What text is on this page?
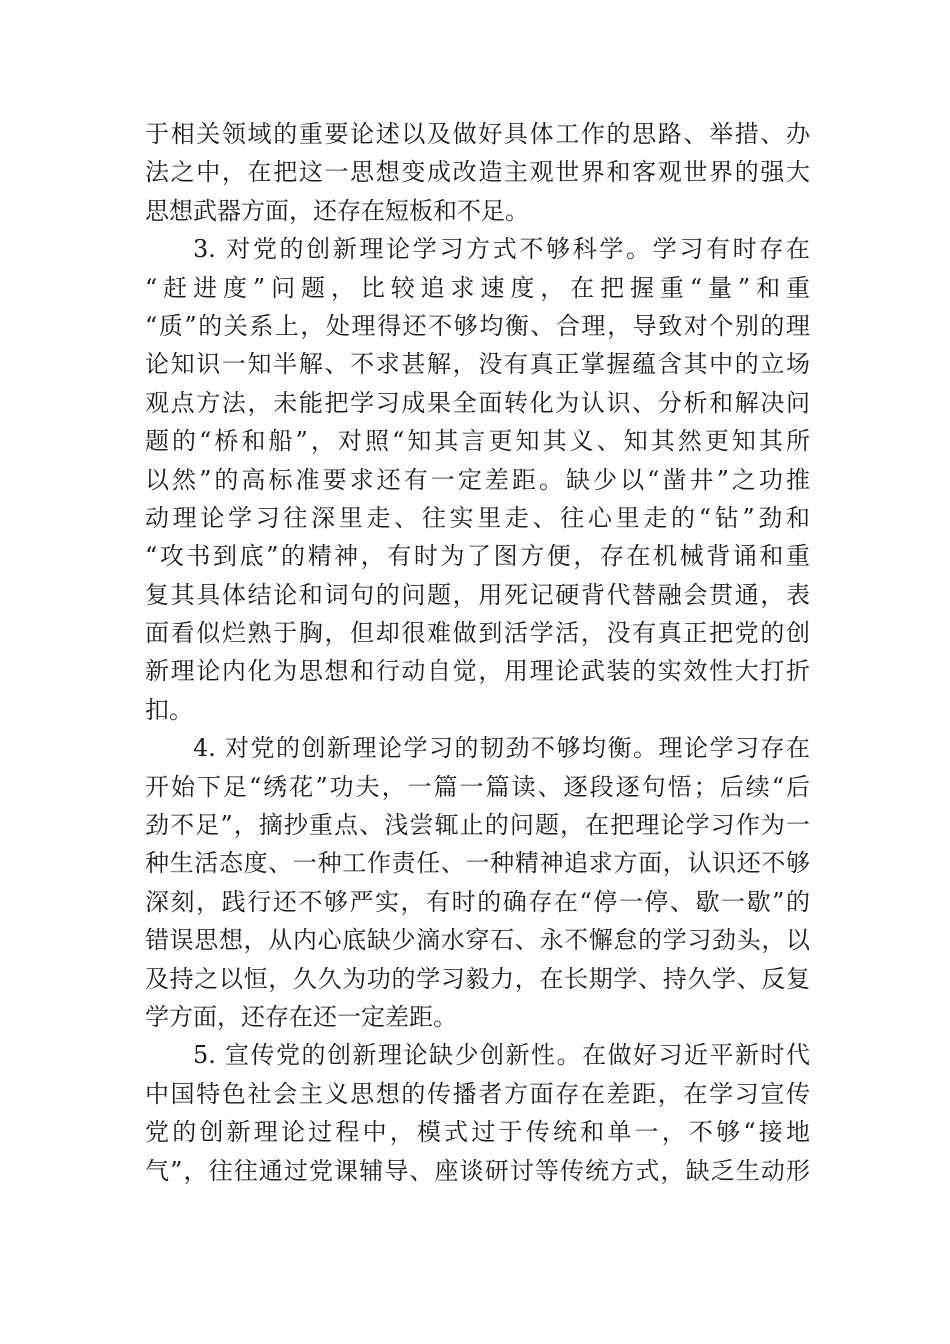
于相关领域的重要论述以及做好具体工作的思路、举措、办
法之中，在把这一思想变成改造主观世界和客观世界的强大
思想武器方面，还存在短板和不足。
3. 对党的创新理论学习方式不够科学。学习有时存在
“赶进度”问题，比较追求速度，在把握重“量”和重
“质”的关系上，处理得还不够均衡、合理，导致对个别的理
论知识一知半解、不求甚解，没有真正掌握蕴含其中的立场
观点方法，未能把学习成果全面转化为认识、分析和解决问
题的“桥和船”，对照“知其言更知其义、知其然更知其所
以然”的高标准要求还有一定差距。缺少以“凿井”之功推
动理论学习往深里走、往实里走、往心里走的“钻”劲和
“攻书到底”的精神，有时为了图方便，存在机械背诵和重
复其具体结论和词句的问题，用死记硬背代替融会贯通，表
面看似烂熟于胸，但却很难做到活学活，没有真正把党的创
新理论内化为思想和行动自觉，用理论武装的实效性大打折
扣。
4. 对党的创新理论学习的韧劲不够均衡。理论学习存在
开始下足“绣花”功夫，一篇一篇读、逐段逐句悟；后续“后
劲不足”，摘抄重点、浅尝辄止的问题，在把理论学习作为一
种生活态度、一种工作责任、一种精神追求方面，认识还不够
深刻，践行还不够严实，有时的确存在“停一停、歇一歇”的
错误思想，从内心底缺少滴水穿石、永不懈怠的学习劲头，以
及持之以恒，久久为功的学习毅力，在长期学、持久学、反复
学方面，还存在还一定差距。
5. 宣传党的创新理论缺少创新性。在做好习近平新时代
中国特色社会主义思想的传播者方面存在差距，在学习宣传
党的创新理论过程中，模式过于传统和单一，不够“接地
气”，往往通过党课辅导、座谈研讨等传统方式，缺乏生动形
